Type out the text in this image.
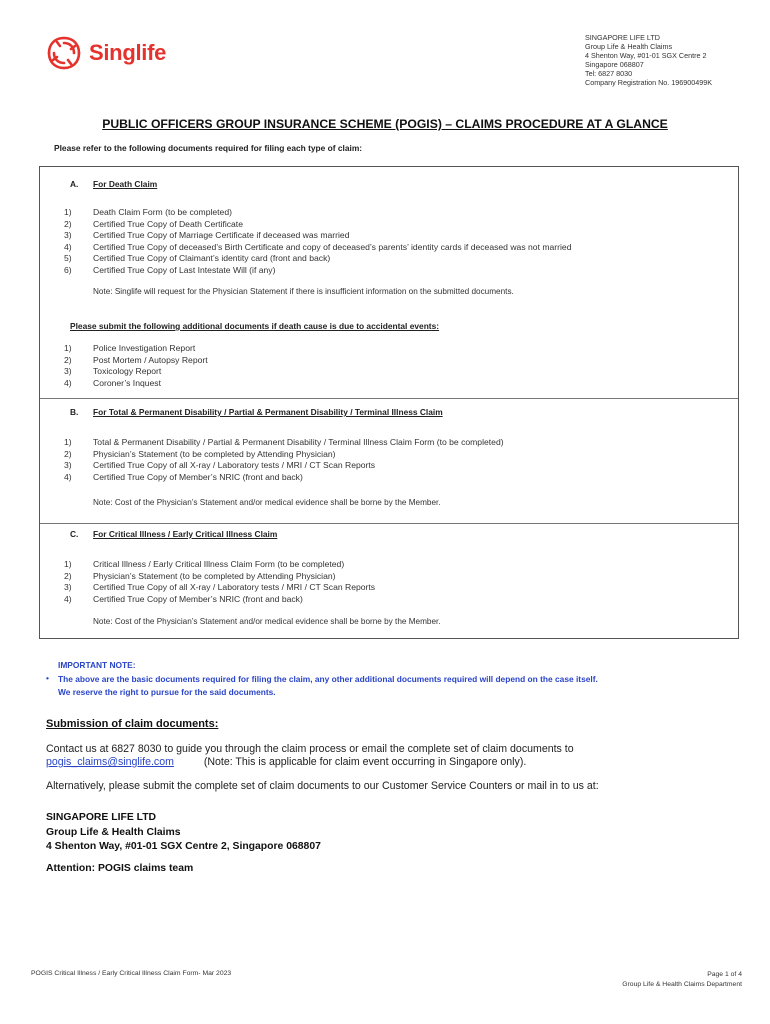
Singlife
SINGAPORE LIFE LTD
Group Life & Health Claims
4 Shenton Way, #01-01 SGX Centre 2
Singapore 068807
Tel: 6827 8030
Company Registration No. 196900499K
PUBLIC OFFICERS GROUP INSURANCE SCHEME (POGIS) – CLAIMS PROCEDURE AT A GLANCE
Please refer to the following documents required for filing each type of claim:
A. For Death Claim
1)	Death Claim Form (to be completed)
2)	Certified True Copy of Death Certificate
3)	Certified True Copy of Marriage Certificate if deceased was married
4)	Certified True Copy of deceased’s Birth Certificate and copy of deceased’s parents’ identity cards if deceased was not married
5)	Certified True Copy of Claimant’s identity card (front and back)
6)	Certified True Copy of Last Intestate Will (if any)
Note: Singlife will request for the Physician Statement if there is insufficient information on the submitted documents.
Please submit the following additional documents if death cause is due to accidental events:
1)	Police Investigation Report
2)	Post Mortem / Autopsy Report
3)	Toxicology Report
4)	Coroner’s Inquest
B. For Total & Permanent Disability / Partial & Permanent Disability / Terminal Illness Claim
1)	Total & Permanent Disability / Partial & Permanent Disability / Terminal Illness Claim Form (to be completed)
2)	Physician’s Statement (to be completed by Attending Physician)
3)	Certified True Copy of all X-ray / Laboratory tests / MRI / CT Scan Reports
4)	Certified True Copy of Member’s NRIC (front and back)
Note: Cost of the Physician’s Statement and/or medical evidence shall be borne by the Member.
C. For Critical Illness / Early Critical Illness Claim
1)	Critical Illness / Early Critical Illness Claim Form (to be completed)
2)	Physician’s Statement (to be completed by Attending Physician)
3)	Certified True Copy of all X-ray / Laboratory tests / MRI / CT Scan Reports
4)	Certified True Copy of Member’s NRIC (front and back)
Note: Cost of the Physician’s Statement and/or medical evidence shall be borne by the Member.
IMPORTANT NOTE:
• The above are the basic documents required for filing the claim, any other additional documents required will depend on the case itself.
We reserve the right to pursue for the said documents.
Submission of claim documents:
Contact us at 6827 8030 to guide you through the claim process or email the complete set of claim documents to
pogis_claims@singlife.com	(Note: This is applicable for claim event occurring in Singapore only).
Alternatively, please submit the complete set of claim documents to our Customer Service Counters or mail in to us at:
SINGAPORE LIFE LTD
Group Life & Health Claims
4 Shenton Way, #01-01 SGX Centre 2, Singapore 068807
Attention: POGIS claims team
POGIS Critical Illness / Early Critical Illness Claim Form- Mar 2023	Page 1 of 4
Group Life & Health Claims Department
